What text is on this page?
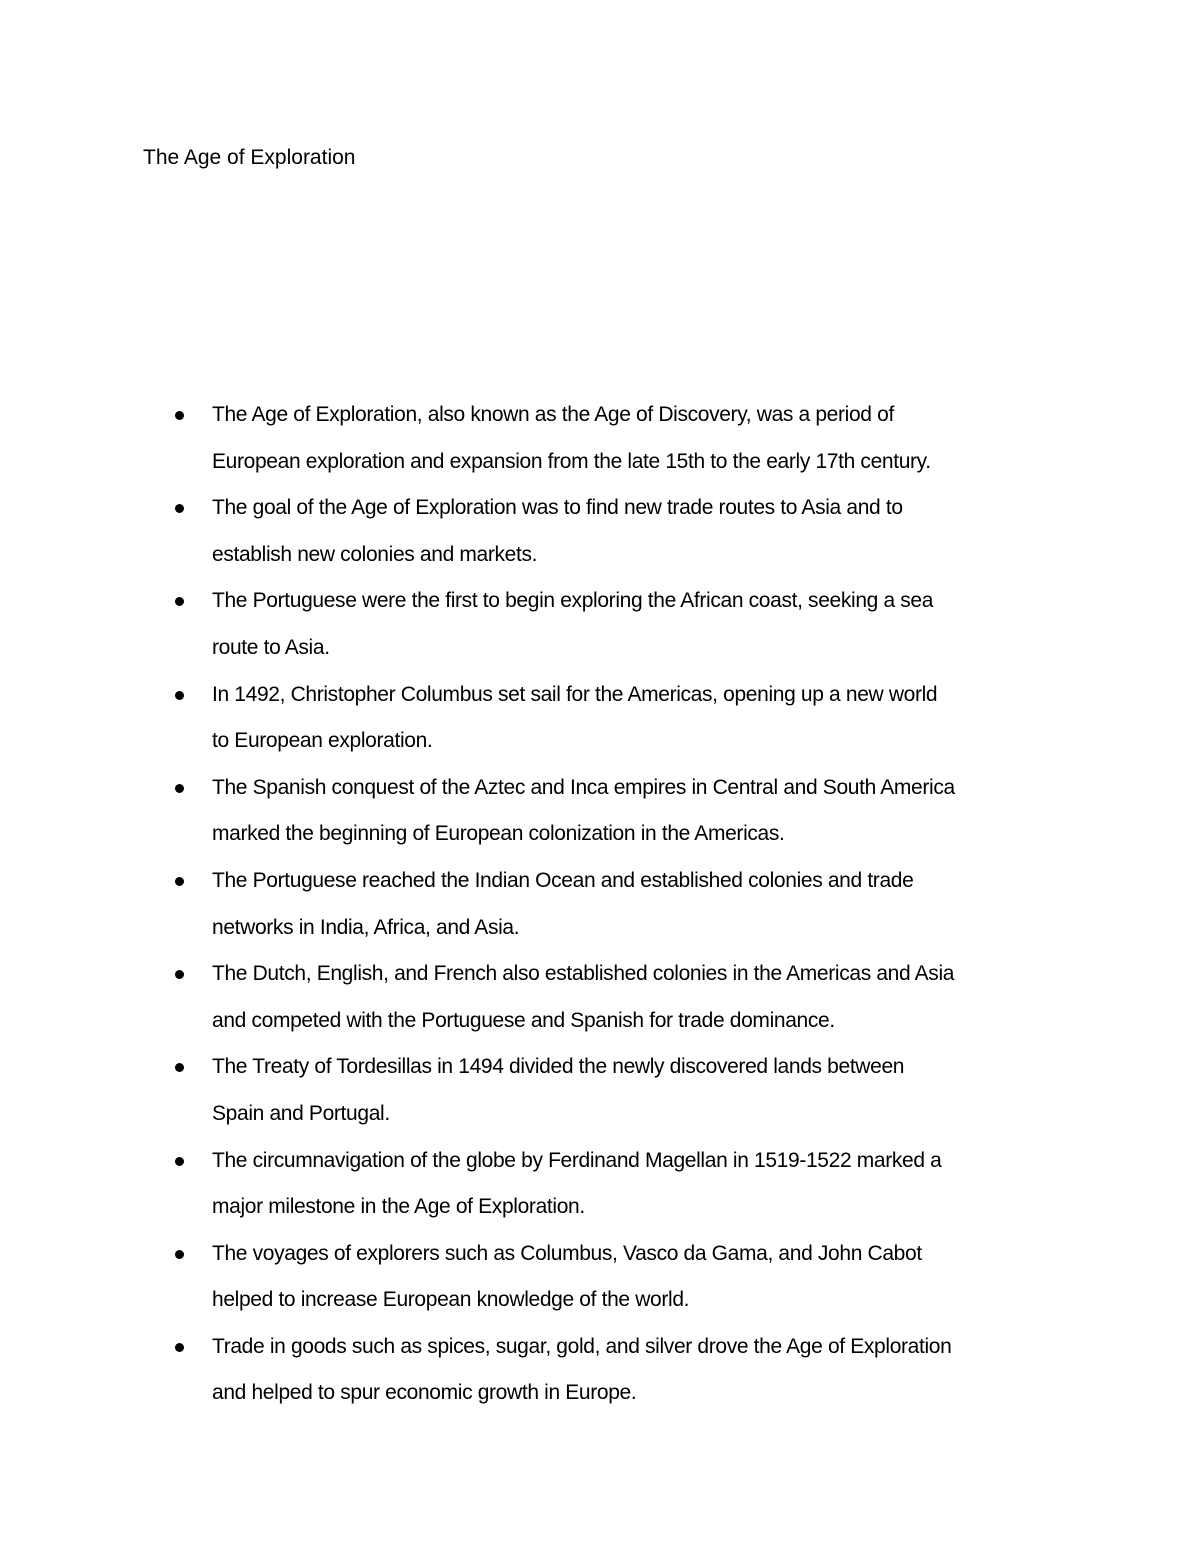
The Age of Exploration
The Age of Exploration, also known as the Age of Discovery, was a period of
European exploration and expansion from the late 15th to the early 17th century.
The goal of the Age of Exploration was to find new trade routes to Asia and to
establish new colonies and markets.
The Portuguese were the first to begin exploring the African coast, seeking a sea
route to Asia.
In 1492, Christopher Columbus set sail for the Americas, opening up a new world
to European exploration.
The Spanish conquest of the Aztec and Inca empires in Central and South America
marked the beginning of European colonization in the Americas.
The Portuguese reached the Indian Ocean and established colonies and trade
networks in India, Africa, and Asia.
The Dutch, English, and French also established colonies in the Americas and Asia
and competed with the Portuguese and Spanish for trade dominance.
The Treaty of Tordesillas in 1494 divided the newly discovered lands between
Spain and Portugal.
The circumnavigation of the globe by Ferdinand Magellan in 1519-1522 marked a
major milestone in the Age of Exploration.
The voyages of explorers such as Columbus, Vasco da Gama, and John Cabot
helped to increase European knowledge of the world.
Trade in goods such as spices, sugar, gold, and silver drove the Age of Exploration
and helped to spur economic growth in Europe.
